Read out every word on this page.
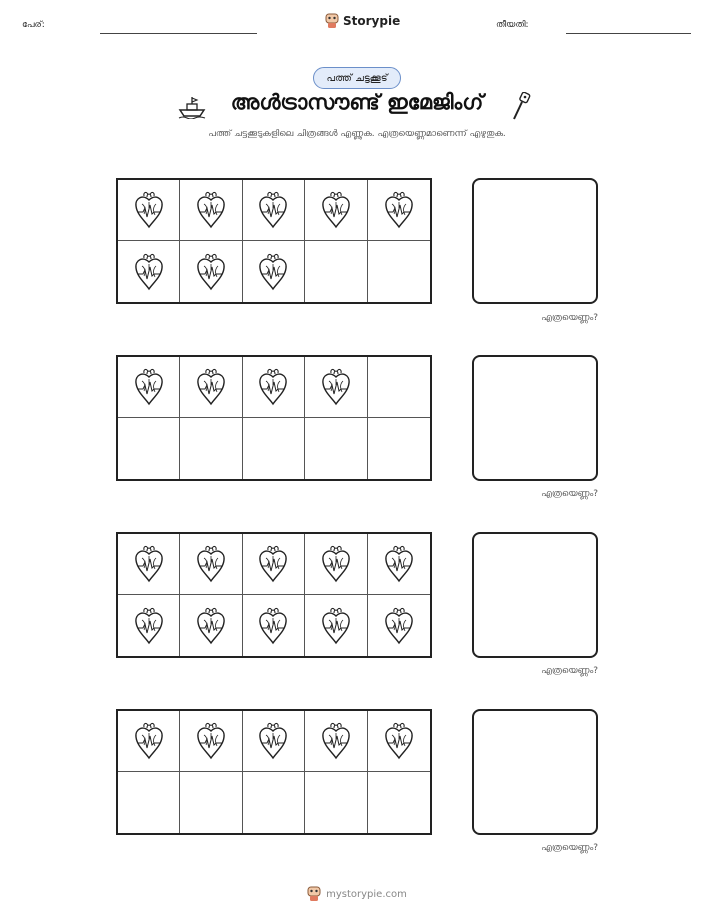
പേര്:	Storypie	തീയതി:
പത്ത് ചട്ടക്കൂട്
അൾട്രാസൗണ്ട് ഇമേജിംഗ്
പത്ത് ചട്ടക്കൂടുകളിലെ ചിത്രങ്ങൾ എണ്ണുക. എത്രയെണ്ണമാണെന്ന് എഴുതുക.
എത്രയെണ്ണം?
എത്രയെണ്ണം?
എത്രയെണ്ണം?
എത്രയെണ്ണം?
mystorypie.com
